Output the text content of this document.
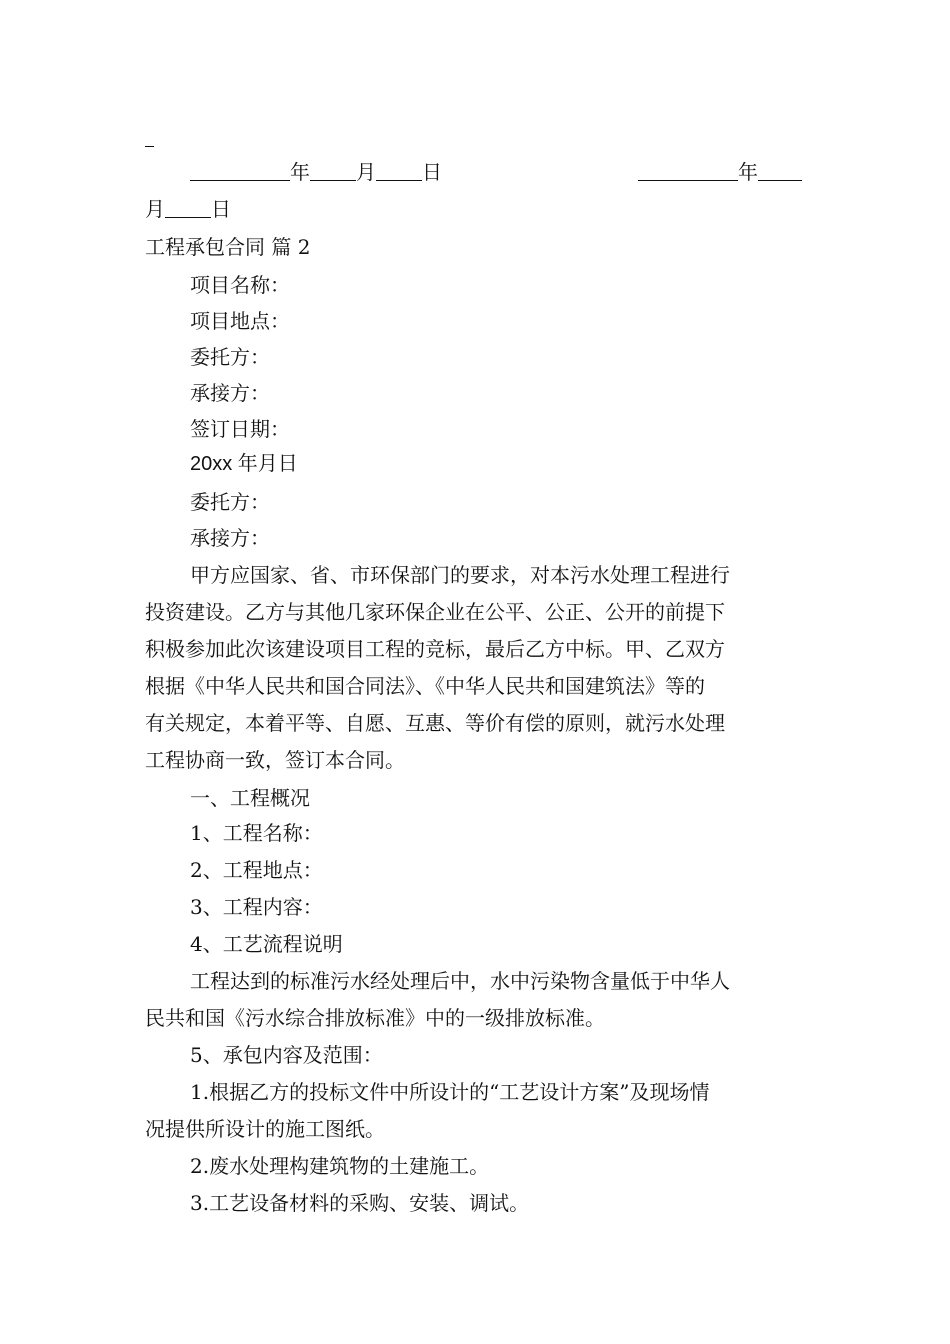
年 月 日	年
月 日
工程承包合同 篇 2
项目名称：
项目地点：
委托方：
承接方：
签订日期：
20xx 年月日
委托方：
承接方：
甲方应国家、省、市环保部门的要求，对本污水处理工程进行
投资建设。乙方与其他几家环保企业在公平、公正、公开的前提下
积极参加此次该建设项目工程的竞标，最后乙方中标。甲、乙双方
根据《中华人民共和国合同法》、《中华人民共和国建筑法》等的
有关规定，本着平等、自愿、互惠、等价有偿的原则，就污水处理
工程协商一致，签订本合同。
一、工程概况
1、工程名称：
2、工程地点：
3、工程内容：
4、工艺流程说明
工程达到的标准污水经处理后中，水中污染物含量低于中华人
民共和国《污水综合排放标准》中的一级排放标准。
5、承包内容及范围：
1.根据乙方的投标文件中所设计的“工艺设计方案”及现场情
况提供所设计的施工图纸。
2.废水处理构建筑物的土建施工。
3.工艺设备材料的采购、安装、调试。
